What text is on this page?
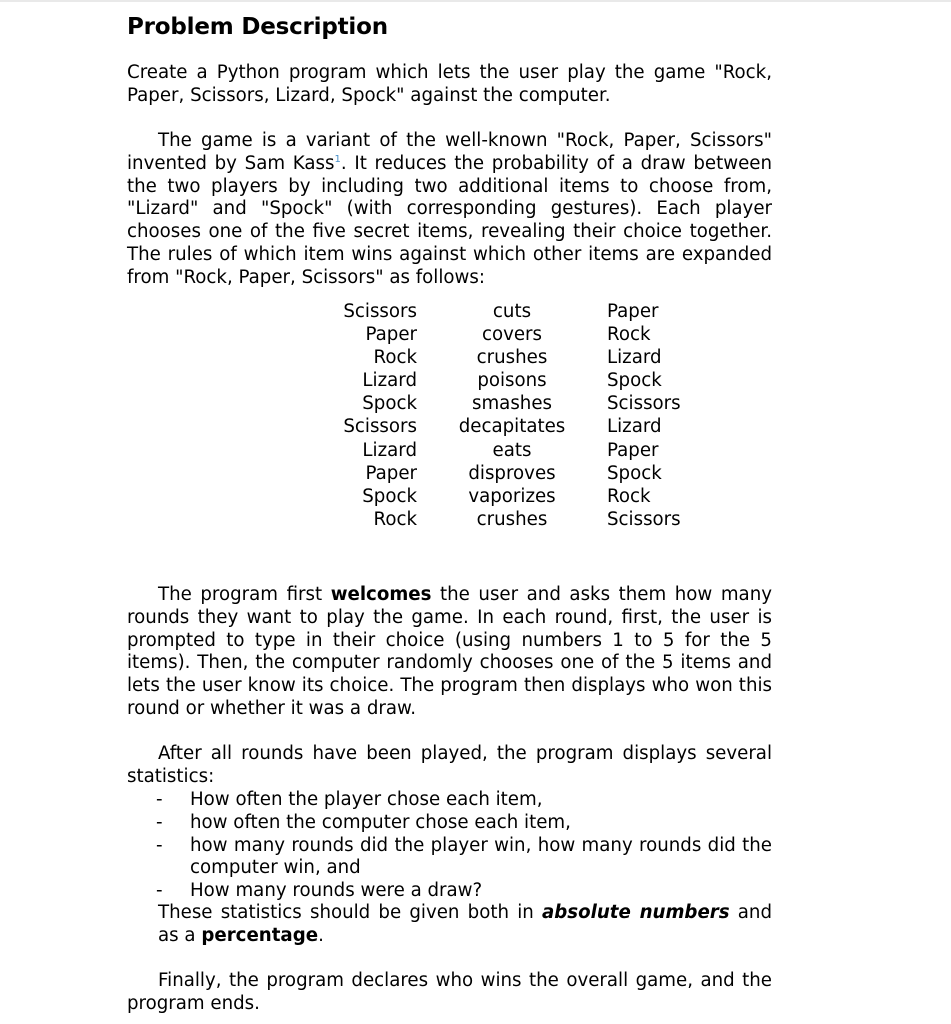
Problem Description

Create a Python program which lets the user play the game "Rock, Paper, Scissors, Lizard, Spock" against the computer.

The game is a variant of the well-known "Rock, Paper, Scissors" invented by Sam Kass$^1$. It reduces the probability of a draw between the two players by including two additional items to choose from, "Lizard" and "Spock" (with corresponding gestures). Each player chooses one of the five secret items, revealing their choice together. The rules of which item wins against which other items are expanded from "Rock, Paper, Scissors" as follows:

Scissors	cuts	Paper
Paper	covers	Rock
Rock	crushes	Lizard
Lizard	poisons	Spock
Spock	smashes	Scissors
Scissors	decapitates	Lizard
Lizard	eats	Paper
Paper	disproves	Spock
Spock	vaporizes	Rock
Rock	crushes	Scissors

The program first welcomes the user and asks them how many rounds they want to play the game. In each round, first, the user is prompted to type in their choice (using numbers 1 to 5 for the 5 items). Then, the computer randomly chooses one of the 5 items and lets the user know its choice. The program then displays who won this round or whether it was a draw.

After all rounds have been played, the program displays several statistics:

- How often the player chose each item,
- how often the computer chose each item,
- how many rounds did the player win, how many rounds did the computer win, and
- How many rounds were a draw?

These statistics should be given both in absolute numbers and as a percentage.

Finally, the program declares who wins the overall game, and the program ends.
